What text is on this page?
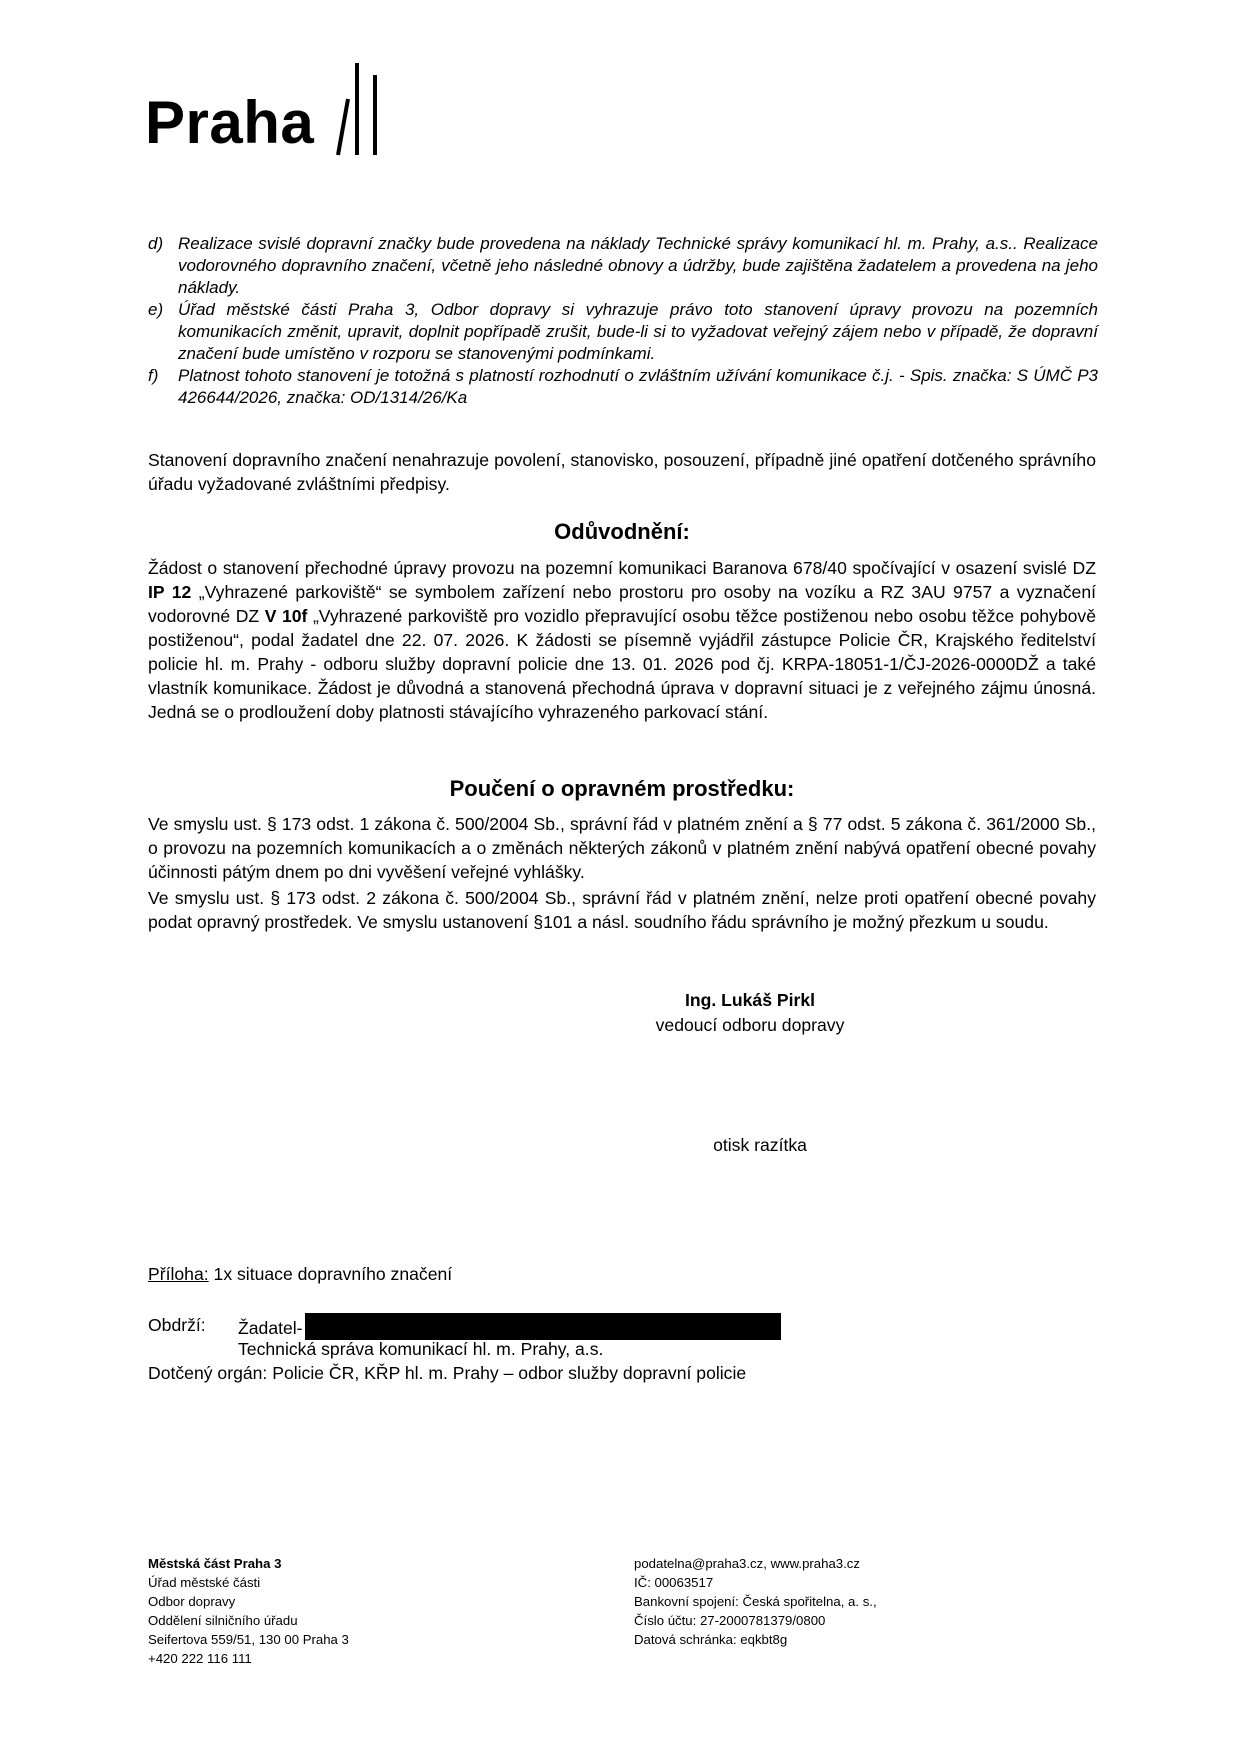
Praha
d) Realizace svislé dopravní značky bude provedena na náklady Technické správy komunikací hl. m. Prahy, a.s.. Realizace vodorovného dopravního značení, včetně jeho následné obnovy a údržby, bude zajištěna žadatelem a provedena na jeho náklady.
e) Úřad městské části Praha 3, Odbor dopravy si vyhrazuje právo toto stanovení úpravy provozu na pozemních komunikacích změnit, upravit, doplnit popřípadě zrušit, bude-li si to vyžadovat veřejný zájem nebo v případě, že dopravní značení bude umístěno v rozporu se stanovenými podmínkami.
f)	Platnost tohoto stanovení je totožná s platností rozhodnutí o zvláštním užívání komunikace č.j. - Spis. značka: S ÚMČ P3 426644/2026, značka: OD/1314/26/Ka
Stanovení dopravního značení nenahrazuje povolení, stanovisko, posouzení, případně jiné opatření dotčeného správního úřadu vyžadované zvláštními předpisy.
Odůvodnění:
Žádost o stanovení přechodné úpravy provozu na pozemní komunikaci Baranova 678/40 spočívající v osazení svislé DZ IP 12 „Vyhrazené parkoviště“ se symbolem zařízení nebo prostoru pro osoby na vozíku a RZ 3AU 9757 a vyznačení vodorovné DZ V 10f „Vyhrazené parkoviště pro vozidlo přepravující osobu těžce postiženou nebo osobu těžce pohybově postiženou“, podal žadatel dne 22. 07. 2026. K žádosti se písemně vyjádřil zástupce Policie ČR, Krajského ředitelství policie hl. m. Prahy - odboru služby dopravní policie dne 13. 01. 2026 pod čj. KRPA-18051-1/ČJ-2026-0000DŽ a také vlastník komunikace. Žádost je důvodná a stanovená přechodná úprava v dopravní situaci je z veřejného zájmu únosná. Jedná se o prodloužení doby platnosti stávajícího vyhrazeného parkovací stání.
Poučení o opravném prostředku:
Ve smyslu ust. § 173 odst. 1 zákona č. 500/2004 Sb., správní řád v platném znění a § 77 odst. 5 zákona č. 361/2000 Sb., o provozu na pozemních komunikacích a o změnách některých zákonů v platném znění nabývá opatření obecné povahy účinnosti pátým dnem po dni vyvěšení veřejné vyhlášky.
Ve smyslu ust. § 173 odst. 2 zákona č. 500/2004 Sb., správní řád v platném znění, nelze proti opatření obecné povahy podat opravný prostředek. Ve smyslu ustanovení §101 a násl. soudního řádu správního je možný přezkum u soudu.
Ing. Lukáš Pirkl
vedoucí odboru dopravy
otisk razítka
Příloha: 1x situace dopravního značení
Obdrží: Žadatel-
Technická správa komunikací hl. m. Prahy, a.s.
Dotčený orgán: Policie ČR, KŘP hl. m. Prahy – odbor služby dopravní policie
Městská část Praha 3
Úřad městské části
Odbor dopravy
Oddělení silničního úřadu
Seifertova 559/51, 130 00 Praha 3
+420 222 116 111
podatelna@praha3.cz, www.praha3.cz
IČ: 00063517
Bankovní spojení: Česká spořitelna, a. s.,
Číslo účtu: 27-2000781379/0800
Datová schránka: eqkbt8g
